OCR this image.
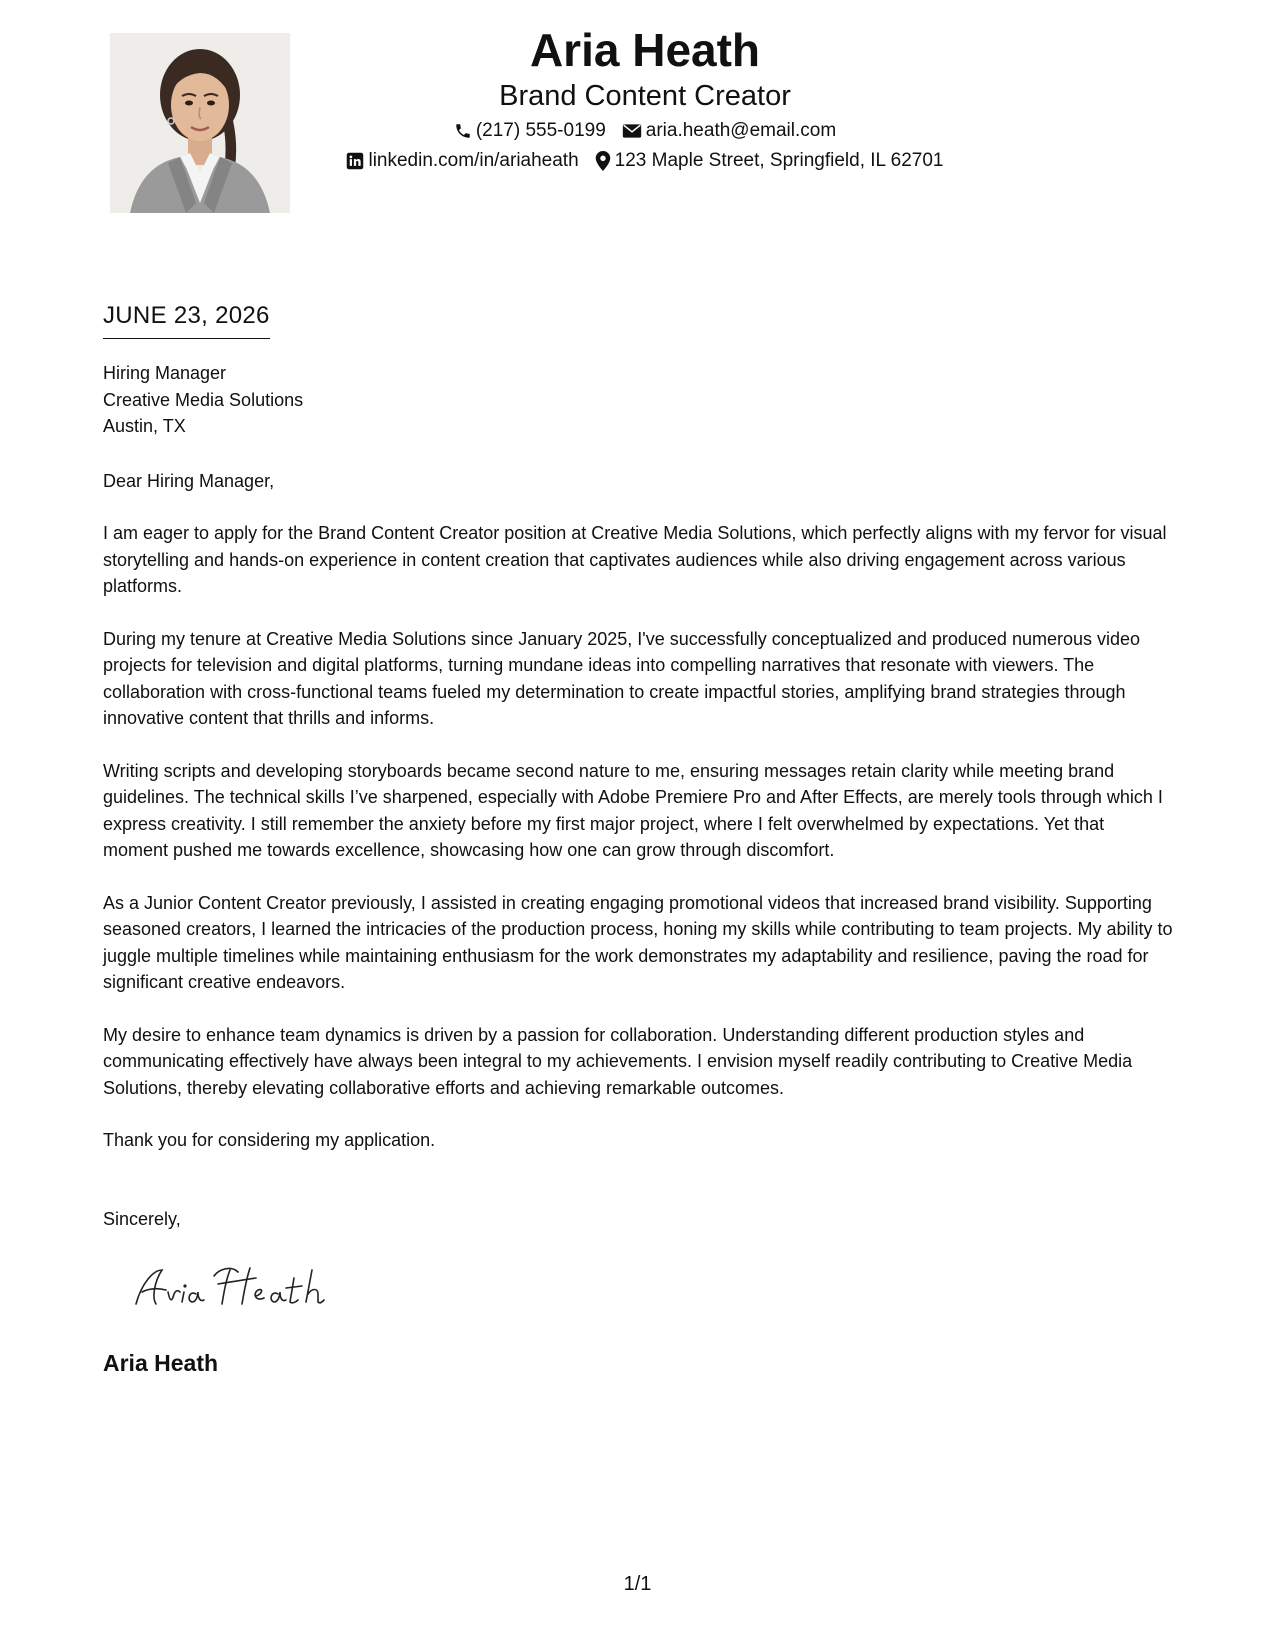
Aria Heath
Brand Content Creator
(217) 555-0199 aria.heath@email.com
linkedin.com/in/ariaheath 123 Maple Street, Springfield, IL 62701
JUNE 23, 2026
Hiring Manager
Creative Media Solutions
Austin, TX
Dear Hiring Manager,

I am eager to apply for the Brand Content Creator position at Creative Media Solutions, which perfectly aligns with my fervor for visual storytelling and hands-on experience in content creation that captivates audiences while also driving engagement across various platforms.

During my tenure at Creative Media Solutions since January 2025, I've successfully conceptualized and produced numerous video projects for television and digital platforms, turning mundane ideas into compelling narratives that resonate with viewers. The collaboration with cross-functional teams fueled my determination to create impactful stories, amplifying brand strategies through innovative content that thrills and informs.

Writing scripts and developing storyboards became second nature to me, ensuring messages retain clarity while meeting brand guidelines. The technical skills I’ve sharpened, especially with Adobe Premiere Pro and After Effects, are merely tools through which I express creativity. I still remember the anxiety before my first major project, where I felt overwhelmed by expectations. Yet that moment pushed me towards excellence, showcasing how one can grow through discomfort.

As a Junior Content Creator previously, I assisted in creating engaging promotional videos that increased brand visibility. Supporting seasoned creators, I learned the intricacies of the production process, honing my skills while contributing to team projects. My ability to juggle multiple timelines while maintaining enthusiasm for the work demonstrates my adaptability and resilience, paving the road for significant creative endeavors.

My desire to enhance team dynamics is driven by a passion for collaboration. Understanding different production styles and communicating effectively have always been integral to my achievements. I envision myself readily contributing to Creative Media Solutions, thereby elevating collaborative efforts and achieving remarkable outcomes.

Thank you for considering my application.
Sincerely,
Aria Heath
1/1
